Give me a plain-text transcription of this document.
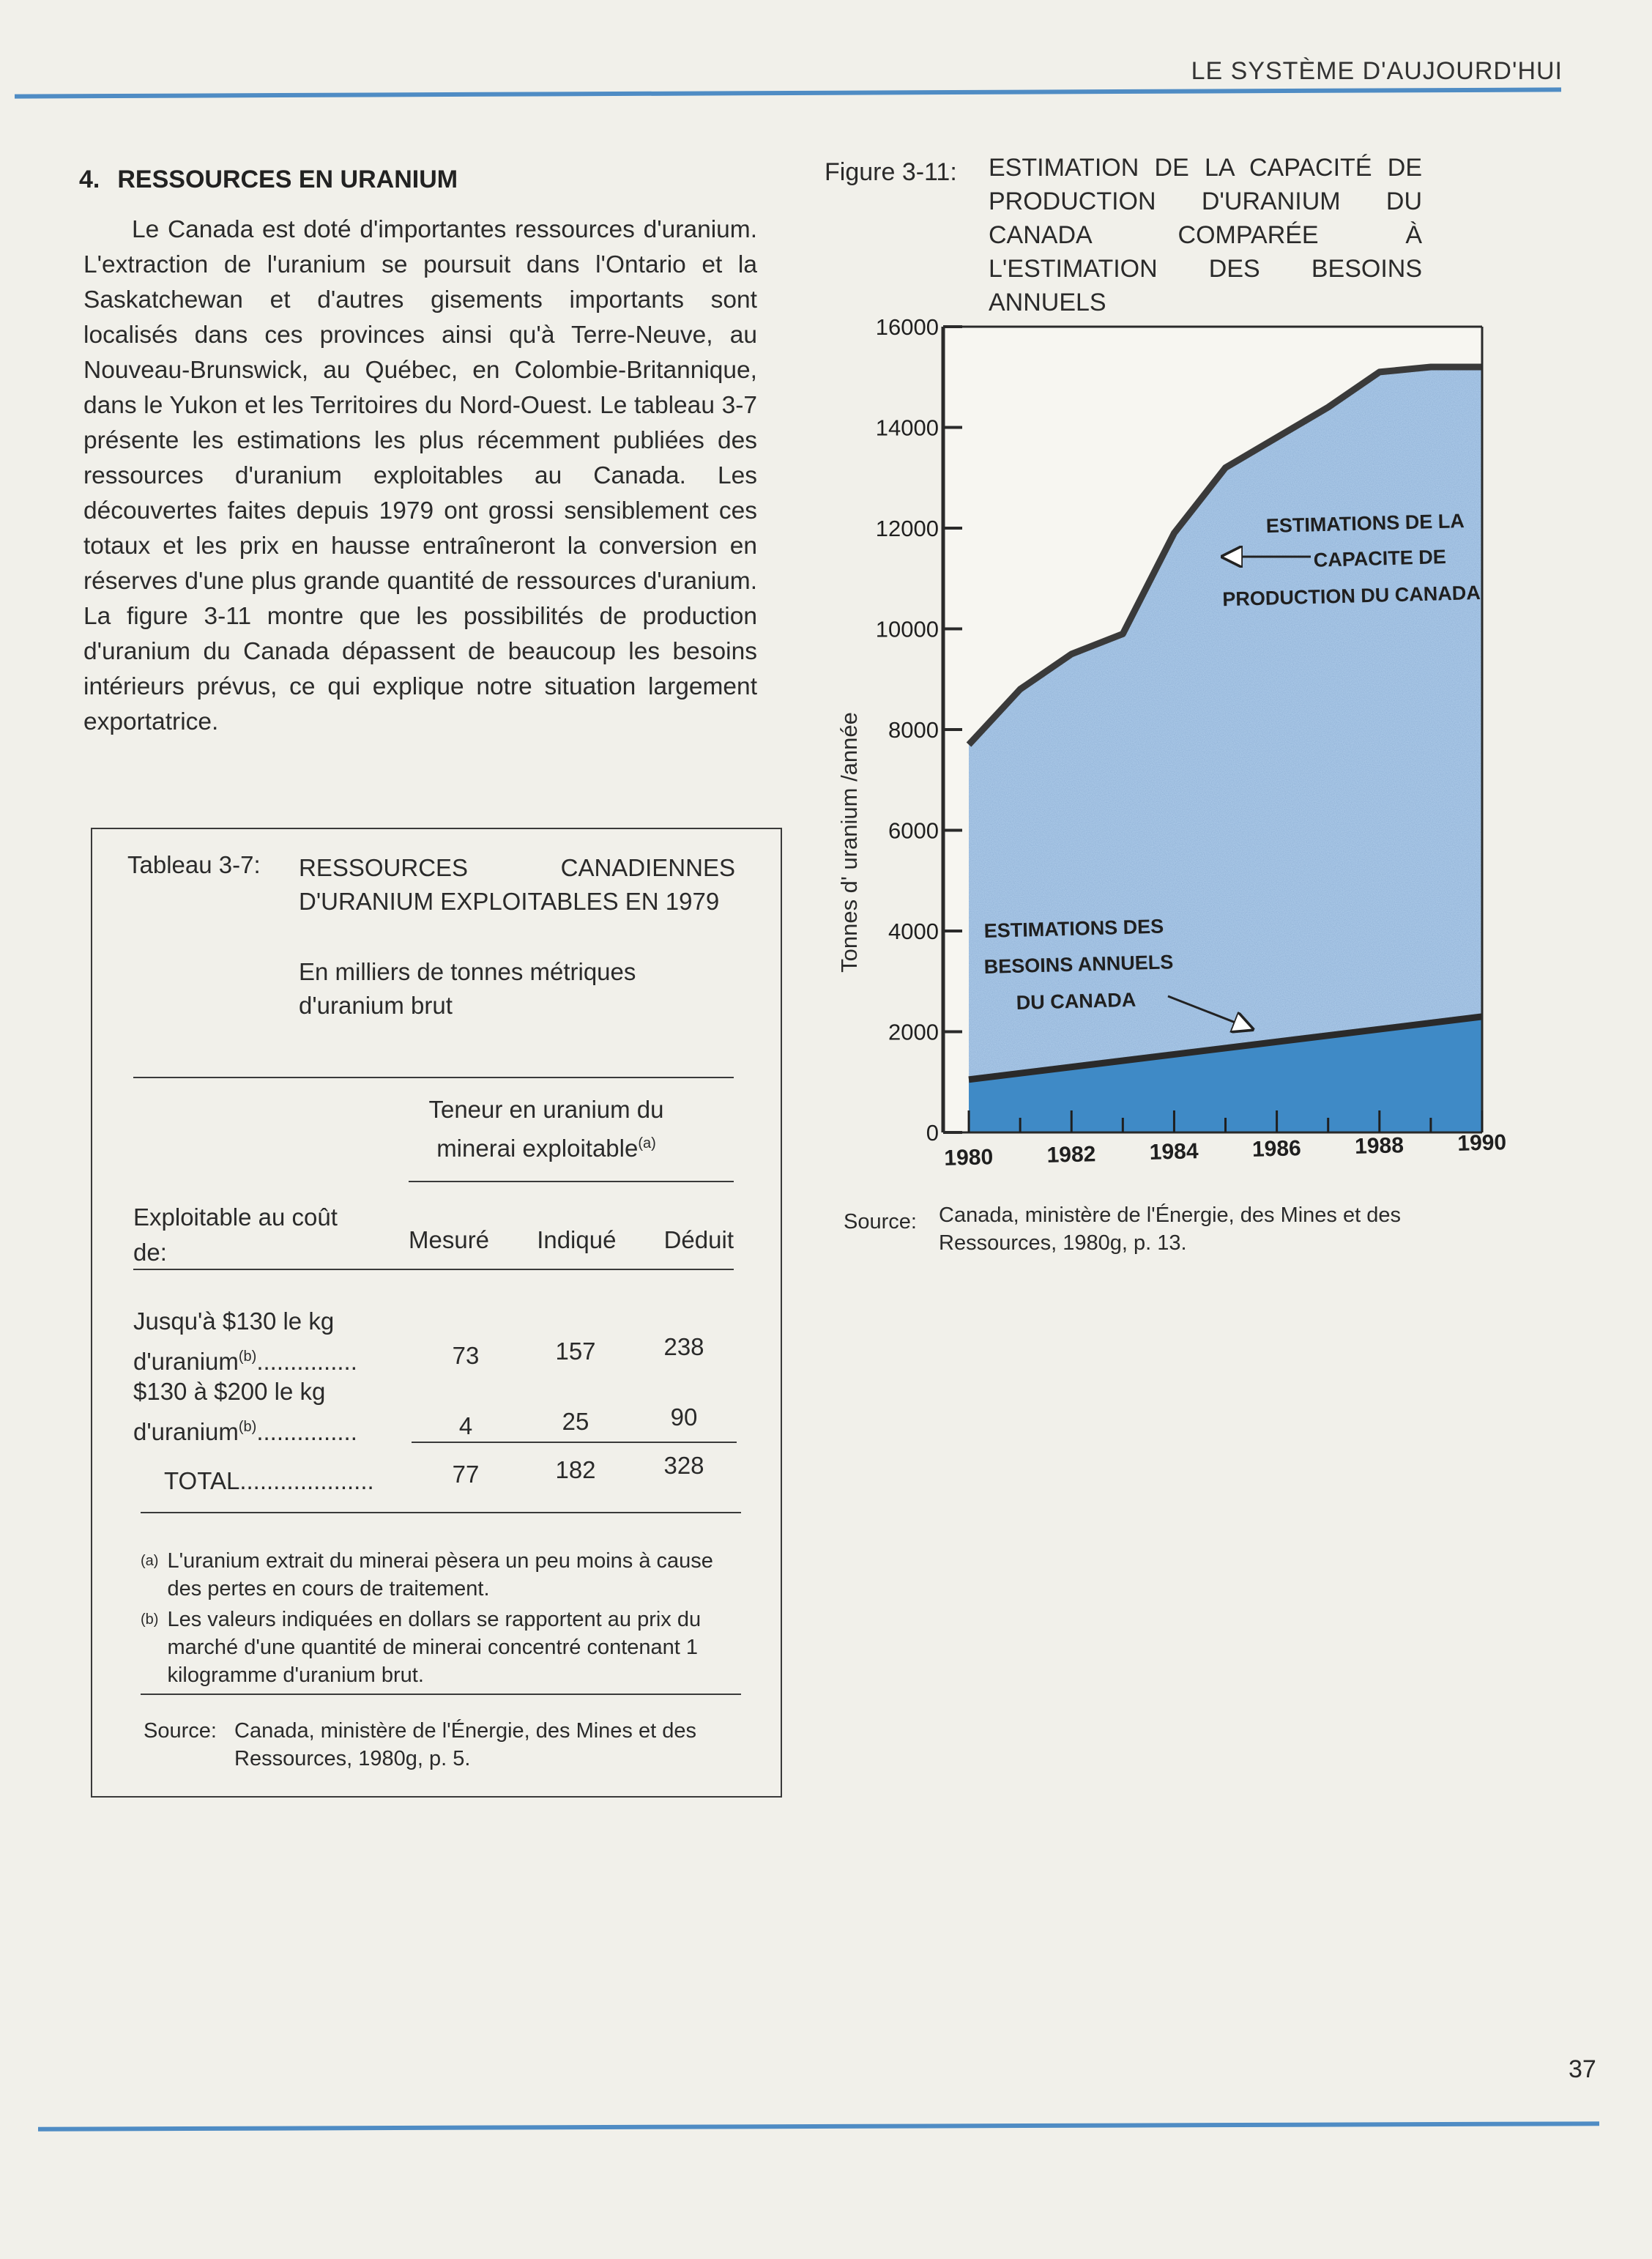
LE SYSTÈME D'AUJOURD'HUI
4. RESSOURCES EN URANIUM
Le Canada est doté d'importantes ressources d'uranium. L'extraction de l'uranium se poursuit dans l'Ontario et la Saskatchewan et d'autres gisements importants sont localisés dans ces provinces ainsi qu'à Terre-Neuve, au Nouveau-Brunswick, au Québec, en Colombie-Britannique, dans le Yukon et les Territoires du Nord-Ouest. Le tableau 3-7 présente les estimations les plus récemment publiées des ressources d'uranium exploitables au Canada. Les découvertes faites depuis 1979 ont grossi sensiblement ces totaux et les prix en hausse entraîneront la conversion en réserves d'une plus grande quantité de ressources d'uranium. La figure 3-11 montre que les possibilités de production d'uranium du Canada dépassent de beaucoup les besoins intérieurs prévus, ce qui explique notre situation largement exportatrice.
Tableau 3-7: RESSOURCES CANADIENNES D'URANIUM EXPLOITABLES EN 1979
En milliers de tonnes métriques d'uranium brut
Teneur en uranium du minerai exploitable$^{(a)}$
Exploitable au coût de:	Mesuré Indiqué Déduit
Jusqu'à $130 le kg
d'uranium$^{(b)}$...............	73	157	238
$130 à $200 le kg
d'uranium$^{(b)}$...............	4	25	90
TOTAL....................	77	182	328
(a) L'uranium extrait du minerai pèsera un peu moins à cause des pertes en cours de traitement.
(b) Les valeurs indiquées en dollars se rapportent au prix du marché d'une quantité de minerai concentré contenant 1 kilogramme d'uranium brut.
Source: Canada, ministère de l'Énergie, des Mines et des Ressources, 1980g, p. 5.
Figure 3-11: ESTIMATION DE LA CAPACITÉ DE PRODUCTION D'URANIUM DU CANADA COMPARÉE À L'ESTIMATION DES BESOINS ANNUELS
0
2000
4000
6000
8000
10000
12000
14000
16000
1980 1982 1984 1986 1988 1990
Tonnes d' uranium /année
ESTIMATIONS DE LA
CAPACITE DE
PRODUCTION DU CANADA
ESTIMATIONS DES
BESOINS ANNUELS
DU CANADA
Source: Canada, ministère de l'Énergie, des Mines et des Ressources, 1980g, p. 13.
37
